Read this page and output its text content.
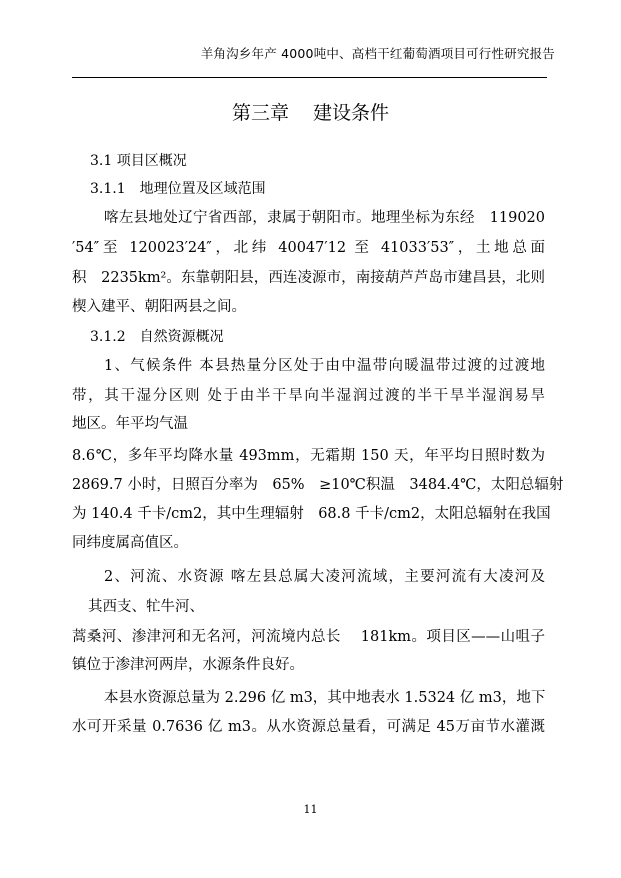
羊角沟乡年产 4000吨中、高档干红葡萄酒项目可行性研究报告
第三章 建设条件
3.1 项目区概况
3.1.1　地理位置及区域范围
喀左县地处辽宁省西部，隶属于朝阳市。地理坐标为东经　119020
′54″至 120023′24″，北纬 40047′12 至 41033′53″，土地总面
积　2235km²。东靠朝阳县，西连凌源市，南接葫芦芦岛市建昌县，北则
楔入建平、朝阳两县之间。
3.1.2　自然资源概况
1、气候条件 本县热量分区处于由中温带向暖温带过渡的过渡地
带，其干湿分区则 处于由半干旱向半湿润过渡的半干旱半湿润易旱
地区。年平均气温
8.6℃，多年平均降水量 493mm，无霜期 150 天，年平均日照时数为
2869.7 小时，日照百分率为　65%　≥10℃积温　3484.4℃，太阳总辐射
为 140.4 千卡/cm2，其中生理辐射　68.8 千卡/cm2，太阳总辐射在我国
同纬度属高值区。
2、河流、水资源 喀左县总属大凌河流域，主要河流有大凌河及
其西支、牤牛河、
蒿桑河、渗津河和无名河，河流境内总长　 181km。项目区——山咀子
镇位于渗津河两岸，水源条件良好。
本县水资源总量为 2.296 亿 m3，其中地表水 1.5324 亿 m3，地下
水可开采量 0.7636 亿 m3。从水资源总量看，可满足 45万亩节水灌溉
11
